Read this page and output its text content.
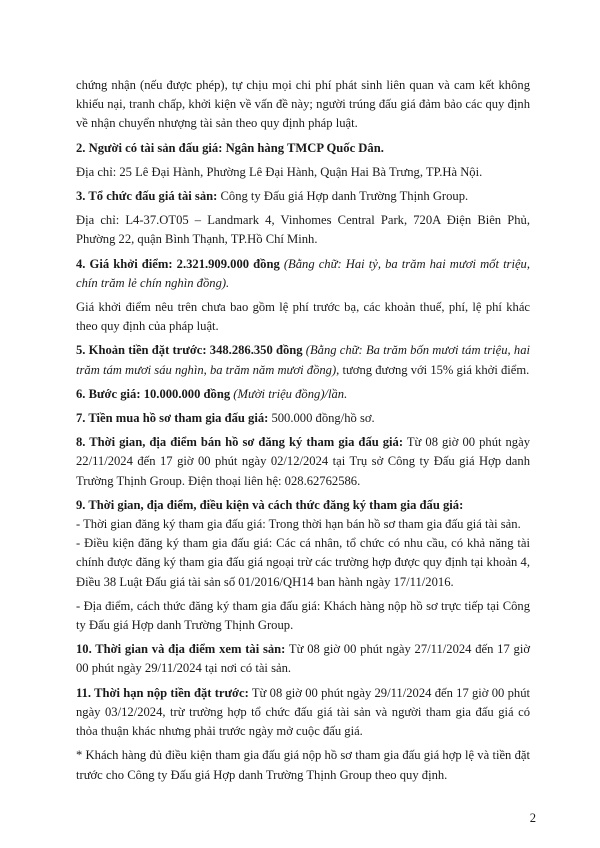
chứng nhận (nếu được phép), tự chịu mọi chi phí phát sinh liên quan và cam kết không khiếu nại, tranh chấp, khởi kiện về vấn đề này; người trúng đấu giá đảm bảo các quy định về nhận chuyển nhượng tài sản theo quy định pháp luật.

2. Người có tài sản đấu giá: Ngân hàng TMCP Quốc Dân.

Địa chỉ: 25 Lê Đại Hành, Phường Lê Đại Hành, Quận Hai Bà Trưng, TP.Hà Nội.

3. Tổ chức đấu giá tài sản: Công ty Đấu giá Hợp danh Trường Thịnh Group.

Địa chỉ: L4-37.OT05 – Landmark 4, Vinhomes Central Park, 720A Điện Biên Phủ, Phường 22, quận Bình Thạnh, TP.Hồ Chí Minh.

4. Giá khởi điểm: 2.321.909.000 đồng (Bằng chữ: Hai tỷ, ba trăm hai mươi mốt triệu, chín trăm lẻ chín nghìn đồng).

Giá khởi điểm nêu trên chưa bao gồm lệ phí trước bạ, các khoản thuế, phí, lệ phí khác theo quy định của pháp luật.

5. Khoản tiền đặt trước: 348.286.350 đồng (Bằng chữ: Ba trăm bốn mươi tám triệu, hai trăm tám mươi sáu nghìn, ba trăm năm mươi đồng), tương đương với 15% giá khởi điểm.

6. Bước giá: 10.000.000 đồng (Mười triệu đồng)/lần.

7. Tiền mua hồ sơ tham gia đấu giá: 500.000 đồng/hồ sơ.

8. Thời gian, địa điểm bán hồ sơ đăng ký tham gia đấu giá: Từ 08 giờ 00 phút ngày 22/11/2024 đến 17 giờ 00 phút ngày 02/12/2024 tại Trụ sở Công ty Đấu giá Hợp danh Trường Thịnh Group. Điện thoại liên hệ: 028.62762586.

9. Thời gian, địa điểm, điều kiện và cách thức đăng ký tham gia đấu giá:

- Thời gian đăng ký tham gia đấu giá: Trong thời hạn bán hồ sơ tham gia đấu giá tài sản.

- Điều kiện đăng ký tham gia đấu giá: Các cá nhân, tổ chức có nhu cầu, có khả năng tài chính được đăng ký tham gia đấu giá ngoại trừ các trường hợp được quy định tại khoản 4, Điều 38 Luật Đấu giá tài sản số 01/2016/QH14 ban hành ngày 17/11/2016.

- Địa điểm, cách thức đăng ký tham gia đấu giá: Khách hàng nộp hồ sơ trực tiếp tại Công ty Đấu giá Hợp danh Trường Thịnh Group.

10. Thời gian và địa điểm xem tài sản: Từ 08 giờ 00 phút ngày 27/11/2024 đến 17 giờ 00 phút ngày 29/11/2024 tại nơi có tài sản.

11. Thời hạn nộp tiền đặt trước: Từ 08 giờ 00 phút ngày 29/11/2024 đến 17 giờ 00 phút ngày 03/12/2024, trừ trường hợp tổ chức đấu giá tài sản và người tham gia đấu giá có thỏa thuận khác nhưng phải trước ngày mở cuộc đấu giá.

* Khách hàng đủ điều kiện tham gia đấu giá nộp hồ sơ tham gia đấu giá hợp lệ và tiền đặt trước cho Công ty Đấu giá Hợp danh Trường Thịnh Group theo quy định.

2
